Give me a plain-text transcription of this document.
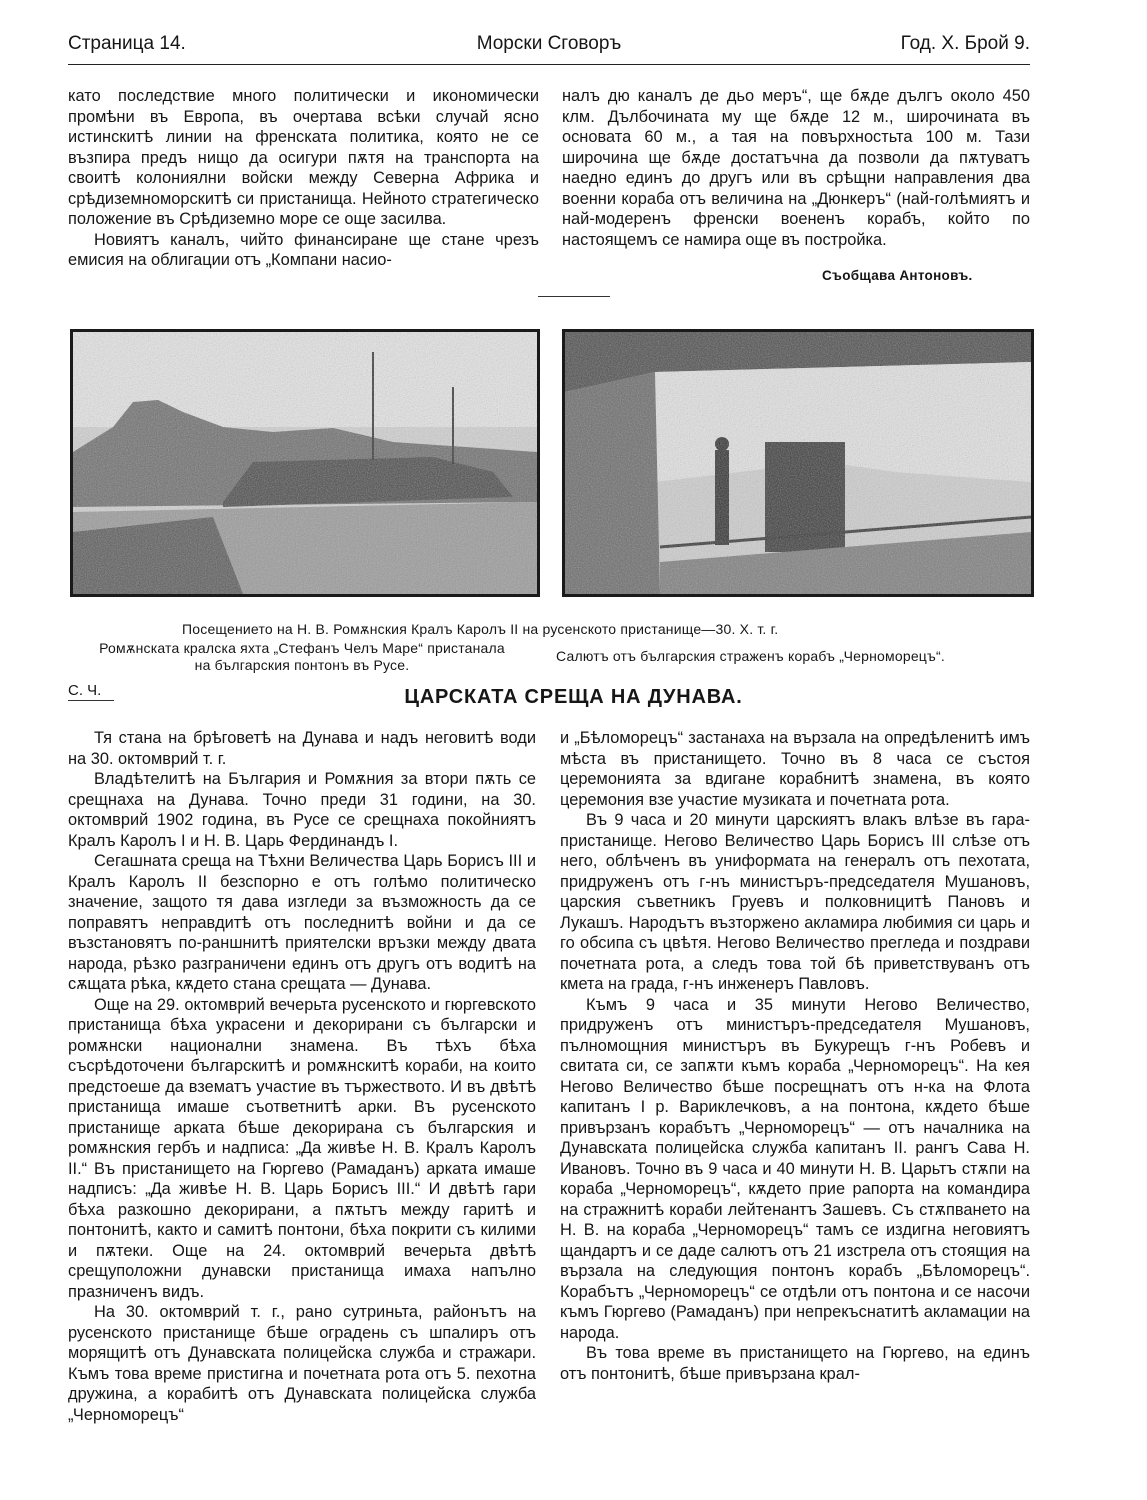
Страница 14.	Морски Сговоръ	Год. X. Брой 9.

като последствие много политически и икономически промѣни въ Европа, въ очертава всѣки случай ясно истинскитѣ линии на френската политика, която не се възпира предъ нищо да осигури пѫтя на транспорта на своитѣ колониялни войски между Северна Африка и срѣдиземноморскитѣ си пристанища. Нейното стратегическо положение въ Срѣдиземно море се още засилва.

Новиятъ каналъ, чийто финансиране ще стане чрезъ емисия на облигации отъ „Компани насио-

налъ дю каналъ де дьо меръ“, ще бѫде дългъ около 450 клм. Дълбочината му ще бѫде 12 м., широчината въ основата 60 м., а тая на повърхностьта 100 м. Тази широчина ще бѫде достатъчна да позволи да пѫтуватъ наедно единъ до другъ или въ срѣщни направления два военни кораба отъ величина на „Дюнкеръ“ (най-голѣмиятъ и най-модерeнъ френски воененъ корабъ, който по настоящемъ се намира още въ постройка.

Съобщава Антоновъ.
Посещението на Н. В. Ромѫнския Кралъ Каролъ II на русенското пристанище—30. Х. т. г.
Ромѫнската кралска яхта „Стефанъ Челъ Маре“ пристанала
на българския понтонъ въ Русе.
Салютъ отъ българския страженъ корабъ „Черноморецъ“.
С. Ч.	ЦАРСКАТА СРЕЩА НА ДУНАВА.

Тя стана на брѣговетѣ на Дунава и надъ неговитѣ води на 30. октомврий т. г.

Владѣтелитѣ на България и Ромѫния за втори пѫть се срещнаха на Дунава. Точно преди 31 години, на 30. октомврий 1902 година, въ Русе се срещнаха покойниятъ Кралъ Каролъ I и Н. В. Царь Фердинандъ I.

Сегашната среща на Тѣхни Величества Царь Борисъ III и Кралъ Каролъ II безспорно е отъ голѣмо политическо значение, защото тя дава изгледи за възможность да се поправятъ неправдитѣ отъ последнитѣ войни и да се възстановятъ по-раншнитѣ приятелски връзки между двата народа, рѣзко разграничени единъ отъ другъ отъ водитѣ на сѫщата рѣка, кѫдето стана срещата — Дунава.

Още на 29. октомврий вечерьта русенското и гюргевското пристанища бѣха украсени и декорирани съ български и ромѫнски национални знамена. Въ тѣхъ бѣха съсрѣдоточени българскитѣ и ромѫнскитѣ кораби, на които предстоеше да взематъ участие въ тържеството. И въ двѣтѣ пристанища имаше съответнитѣ арки. Въ русенското пристанище арката бѣше декорирана съ българския и ромѫнския гербъ и надписа: „Да живѣе Н. В. Кралъ Каролъ II.“ Въ пристанището на Гюргево (Рамаданъ) арката имаше надписъ: „Да живѣе Н. В. Царь Борисъ III.“ И двѣтѣ гари бѣха разкошно декорирани, а пѫтьтъ между гаритѣ и понтонитѣ, както и самитѣ понтони, бѣха покрити съ килими и пѫтеки. Още на 24. октомврий вечерьта двѣтѣ срещуположни дунавски пристанища имаха напълно празниченъ видъ.

На 30. октомврий т. г., рано сутриньта, районътъ на русенското пристанище бѣше оградень съ шпалиръ отъ морящитѣ отъ Дунавската полицейска служба и стражари. Къмъ това време пристигна и почетната рота отъ 5. пехотна дружина, а корабитѣ отъ Дунавската полицейска служба „Черноморецъ“

и „Бѣломорецъ“ застанаха на вързала на опредѣленитѣ имъ мѣста въ пристанището. Точно въ 8 часа се състоя церемонията за вдигане корабнитѣ знамена, въ която церемония взе участие музиката и почетната рота.

Въ 9 часа и 20 минути царскиятъ влакъ влѣзе въ гара-пристанище. Негово Величество Царь Борисъ III слѣзе отъ него, облѣченъ въ униформата на генералъ отъ пехотата, придруженъ отъ г-нъ министъръ-председателя Мушановъ, царския съветникъ Груевъ и полковницитѣ Пановъ и Лукашъ. Народътъ възторжено акламира любимия си царь и го обсипа съ цвѣтя. Негово Величество прегледа и поздрави почетната рота, а следъ това той бѣ приветствуванъ отъ кмета на града, г-нъ инженеръ Павловъ.

Къмъ 9 часа и 35 минути Негово Величество, придруженъ отъ министъръ-председателя Мушановъ, пълномощния министъръ въ Букурещъ г-нъ Робевъ и свитата си, се запѫти къмъ кораба „Черноморецъ“. На кея Негово Величество бѣше посрещнатъ отъ н-ка на Флота капитанъ I р. Вариклечковъ, а на понтона, кѫдето бѣше привързанъ корабътъ „Черноморецъ“ — отъ началника на Дунавската полицейска служба капитанъ II. рангъ Сава Н. Ивановъ. Точно въ 9 часа и 40 минути Н. В. Царьтъ стѫпи на кораба „Черноморецъ“, кѫдето прие рапорта на командира на стражнитѣ кораби лейтенантъ Зашевъ. Съ стѫпването на Н. В. на кораба „Черноморецъ“ тамъ се издигна неговиятъ щандартъ и се даде салютъ отъ 21 изстрела отъ стоящия на вързала на следующия понтонъ корабъ „Бѣломорецъ“. Корабътъ „Черноморецъ“ се отдѣли отъ понтона и се насочи къмъ Гюргево (Рамаданъ) при непрекъснатитѣ акламации на народа.

Въ това време въ пристанището на Гюргево, на единъ отъ понтонитѣ, бѣше привързана крал-
